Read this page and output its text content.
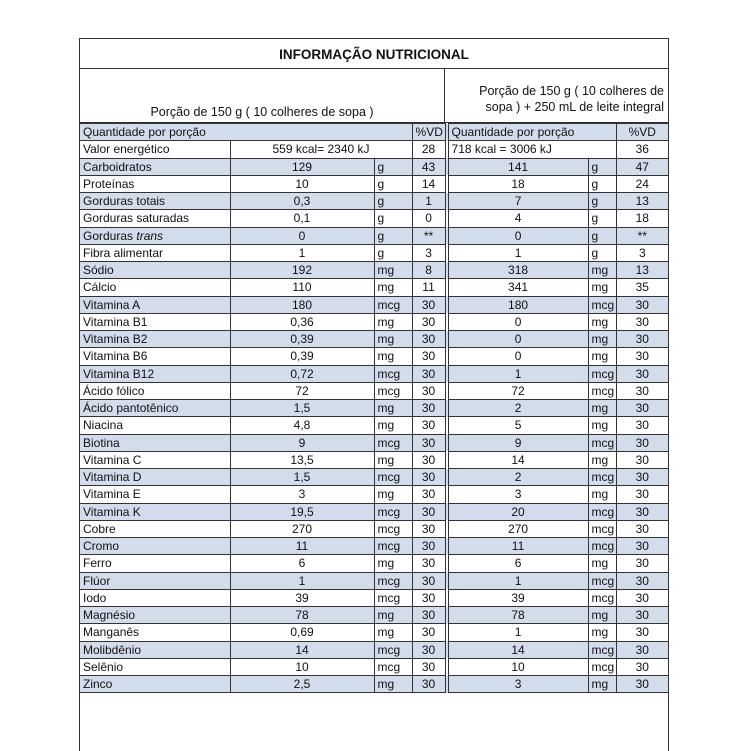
INFORMAÇÃO NUTRICIONAL
Porção de 150 g ( 10 colheres de sopa )
Porção de 150 g ( 10 colheres de
sopa ) + 250 mL de leite integral
Quantidade por porção			%VD		Quantidade por porção		%VD
Valor energético	559 kcal= 2340 kJ		28		718 kcal = 3006 kJ		36
Carboidratos	129	g	43		141	g	47
Proteínas	10	g	14		18	g	24
Gorduras totais	0,3	g	1		7	g	13
Gorduras saturadas	0,1	g	0		4	g	18
Gorduras trans	0	g	**		0	g	**
Fibra alimentar	1	g	3		1	g	3
Sódio	192	mg	8		318	mg	13
Cálcio	110	mg	11		341	mg	35
Vitamina A	180	mcg	30		180	mcg	30
Vitamina B1	0,36	mg	30		0	mg	30
Vitamina B2	0,39	mg	30		0	mg	30
Vitamina B6	0,39	mg	30		0	mg	30
Vitamina B12	0,72	mcg	30		1	mcg	30
Ácido fólico	72	mcg	30		72	mcg	30
Ácido pantotênico	1,5	mg	30		2	mg	30
Niacina	4,8	mg	30		5	mg	30
Biotina	9	mcg	30		9	mcg	30
Vitamina C	13,5	mg	30		14	mg	30
Vitamina D	1,5	mcg	30		2	mcg	30
Vitamina E	3	mg	30		3	mg	30
Vitamina K	19,5	mcg	30		20	mcg	30
Cobre	270	mcg	30		270	mcg	30
Cromo	11	mcg	30		11	mcg	30
Ferro	6	mg	30		6	mg	30
Flúor	1	mcg	30		1	mcg	30
Iodo	39	mcg	30		39	mcg	30
Magnésio	78	mg	30		78	mg	30
Manganês	0,69	mg	30		1	mg	30
Molibdênio	14	mcg	30		14	mcg	30
Selênio	10	mcg	30		10	mcg	30
Zinco	2,5	mg	30		3	mg	30
